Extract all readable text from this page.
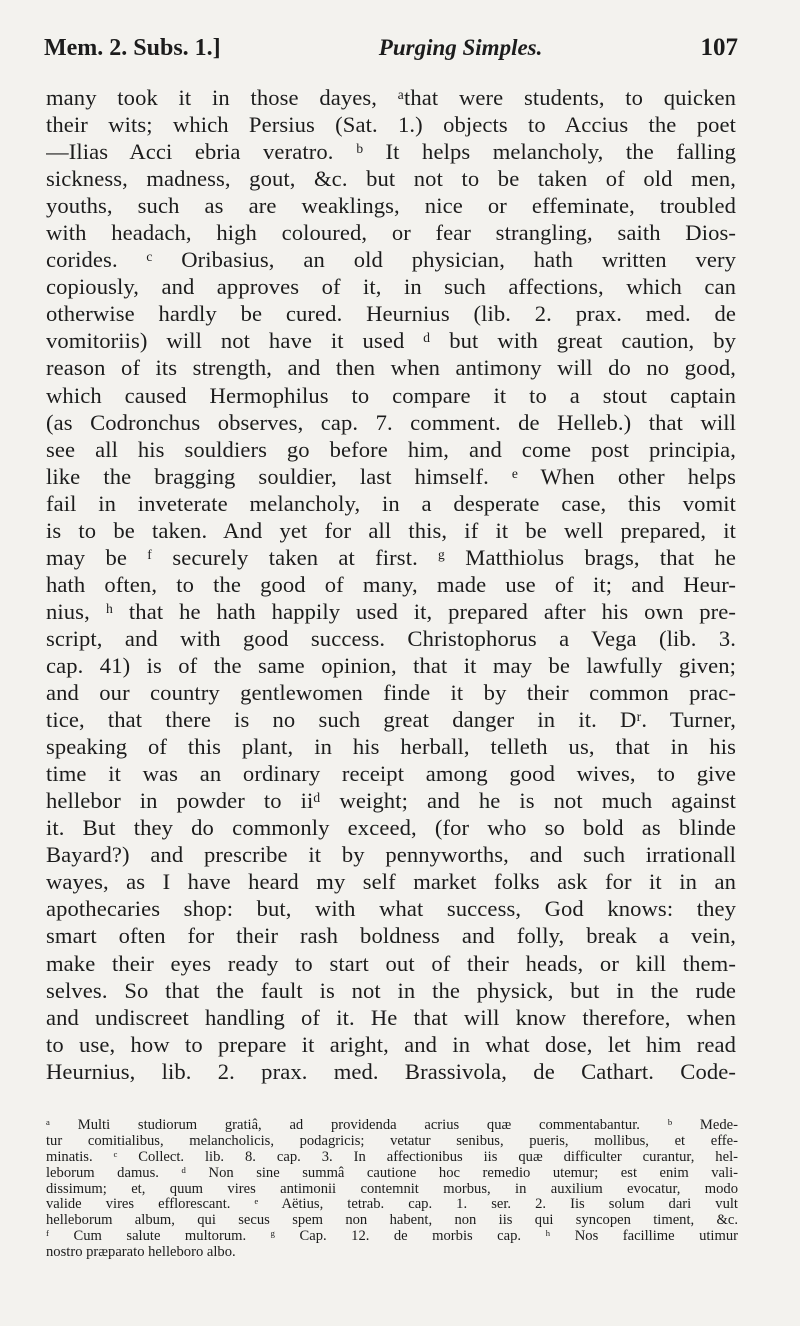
Mem. 2. Subs. 1.]	Purging Simples.	107
many took it in those dayes, ᵃthat were students, to quicken
their wits; which Persius (Sat. 1.) objects to Accius the poet
—Ilias Acci ebria veratro. ᵇ It helps melancholy, the falling
sickness, madness, gout, &c. but not to be taken of old men,
youths, such as are weaklings, nice or effeminate, troubled
with headach, high coloured, or fear strangling, saith Dios-
corides. ᶜ Oribasius, an old physician, hath written very
copiously, and approves of it, in such affections, which can
otherwise hardly be cured. Heurnius (lib. 2. prax. med. de
vomitoriis) will not have it used ᵈ but with great caution, by
reason of its strength, and then when antimony will do no good,
which caused Hermophilus to compare it to a stout captain
(as Codronchus observes, cap. 7. comment. de Helleb.) that will
see all his souldiers go before him, and come post principia,
like the bragging souldier, last himself. ᵉ When other helps
fail in inveterate melancholy, in a desperate case, this vomit
is to be taken. And yet for all this, if it be well prepared, it
may be ᶠ securely taken at first. ᵍ Matthiolus brags, that he
hath often, to the good of many, made use of it; and Heur-
nius, ʰ that he hath happily used it, prepared after his own pre-
script, and with good success. Christophorus a Vega (lib. 3.
cap. 41) is of the same opinion, that it may be lawfully given;
and our country gentlewomen finde it by their common prac-
tice, that there is no such great danger in it. Dʳ. Turner,
speaking of this plant, in his herball, telleth us, that in his
time it was an ordinary receipt among good wives, to give
hellebor in powder to iiᵈ weight; and he is not much against
it. But they do commonly exceed, (for who so bold as blinde
Bayard?) and prescribe it by pennyworths, and such irrationall
wayes, as I have heard my self market folks ask for it in an
apothecaries shop: but, with what success, God knows: they
smart often for their rash boldness and folly, break a vein,
make their eyes ready to start out of their heads, or kill them-
selves. So that the fault is not in the physick, but in the rude
and undiscreet handling of it. He that will know therefore, when
to use, how to prepare it aright, and in what dose, let him read
Heurnius, lib. 2. prax. med. Brassivola, de Cathart. Code-
ᵃ Multi studiorum gratiâ, ad providenda acrius quæ commentabantur. ᵇ Mede-
tur comitialibus, melancholicis, podagricis; vetatur senibus, pueris, mollibus, et effe-
minatis. ᶜ Collect. lib. 8. cap. 3. In affectionibus iis quæ difficulter curantur, hel-
leborum damus. ᵈ Non sine summâ cautione hoc remedio utemur; est enim vali-
dissimum; et, quum vires antimonii contemnit morbus, in auxilium evocatur, modo
valide vires efflorescant. ᵉ Aëtius, tetrab. cap. 1. ser. 2. Iis solum dari vult
helleborum album, qui secus spem non habent, non iis qui syncopen timent, &c.
ᶠ Cum salute multorum. ᵍ Cap. 12. de morbis cap. ʰ Nos facillime utimur
nostro præparato helleboro albo.
